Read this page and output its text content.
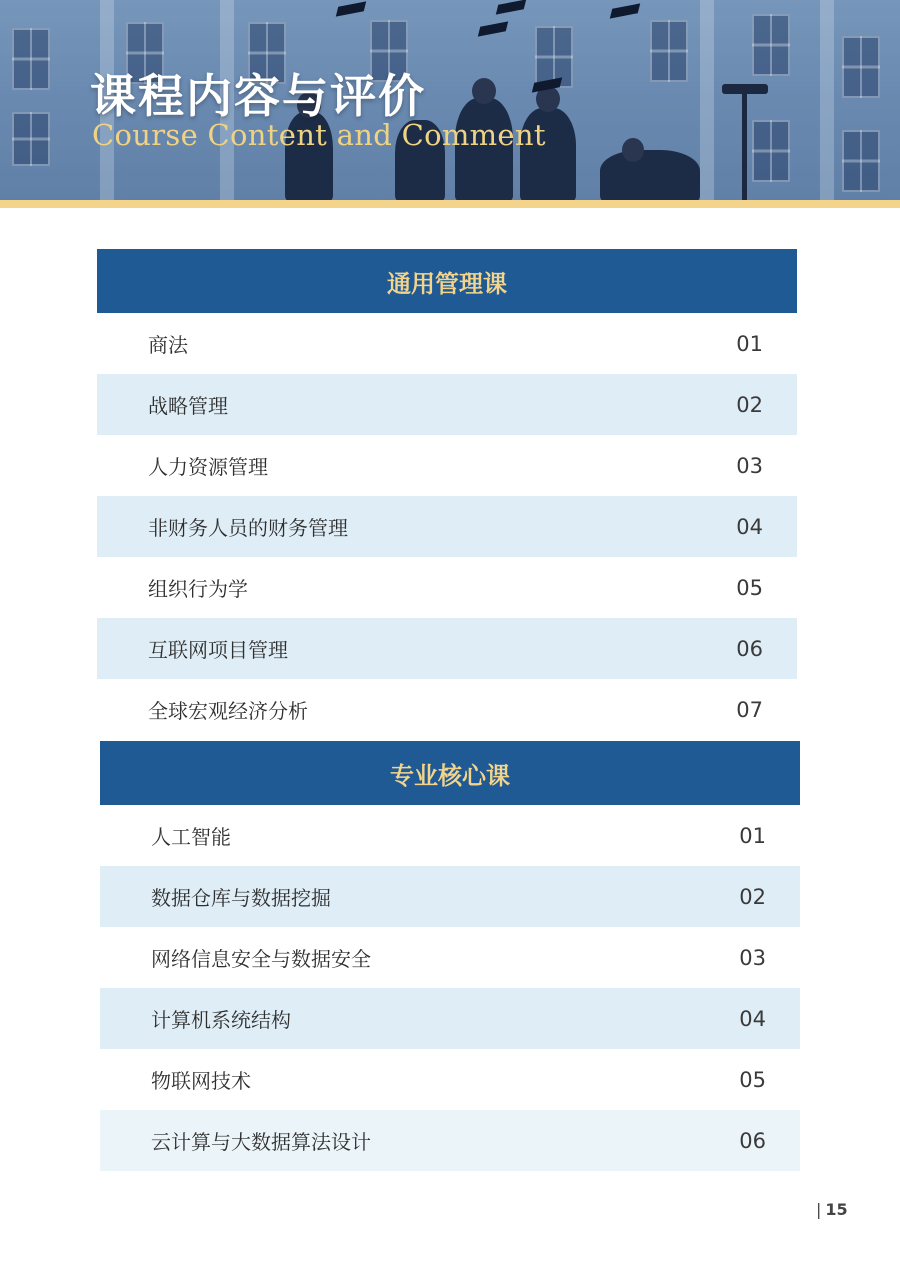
课程内容与评价

Course Content and Comment

通用管理课
商法	01
战略管理	02
人力资源管理	03
非财务人员的财务管理	04
组织行为学	05
互联网项目管理	06
全球宏观经济分析	07
专业核心课
人工智能	01
数据仓库与数据挖掘	02
网络信息安全与数据安全	03
计算机系统结构	04
物联网技术	05
云计算与大数据算法设计	06
| 15
